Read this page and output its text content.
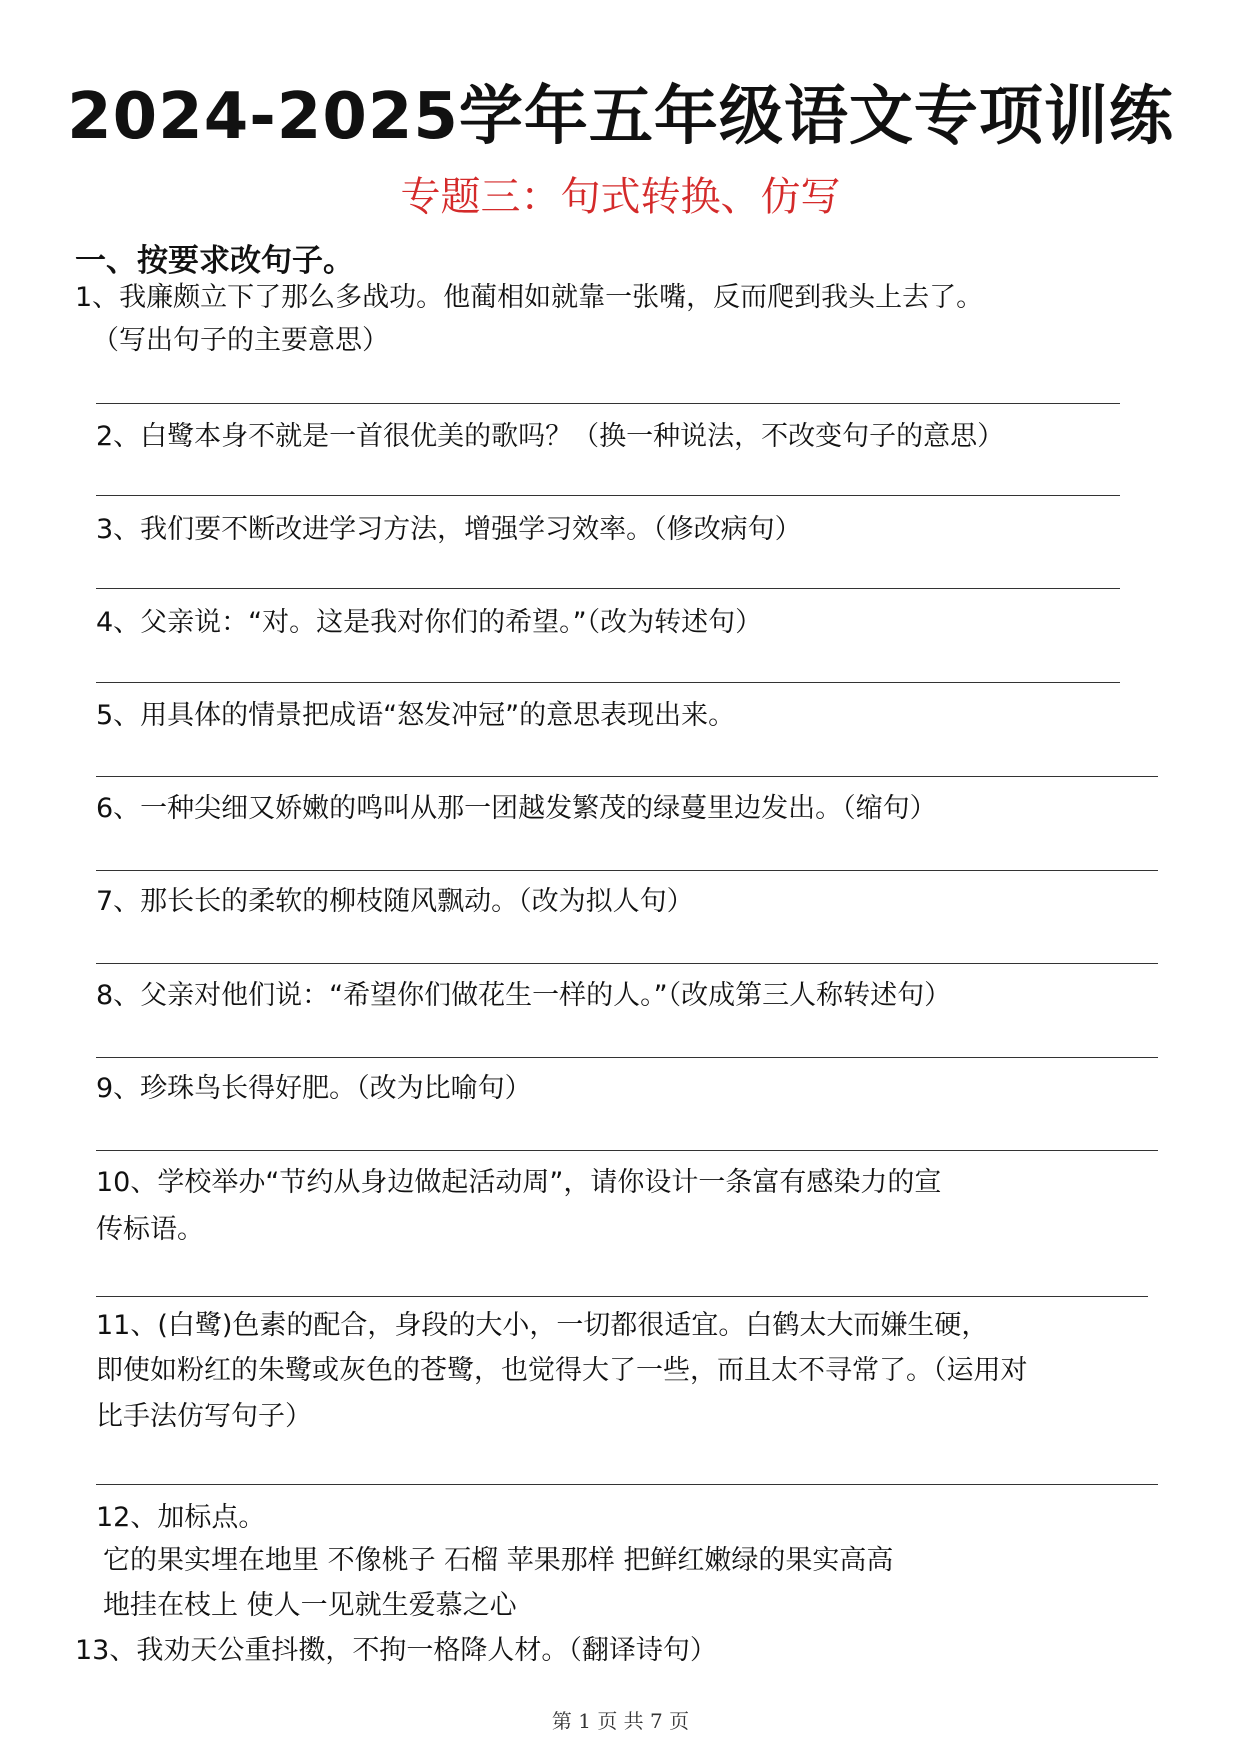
2024-2025学年五年级语文专项训练
专题三：句式转换、仿写
一、按要求改句子。
1、我廉颇立下了那么多战功。他蔺相如就靠一张嘴，反而爬到我头上去了。
（写出句子的主要意思）
2、白鹭本身不就是一首很优美的歌吗？（换一种说法，不改变句子的意思）
3、我们要不断改进学习方法，增强学习效率。（修改病句）
4、父亲说：“对。这是我对你们的希望。”（改为转述句）
5、用具体的情景把成语“怒发冲冠”的意思表现出来。
6、一种尖细又娇嫩的鸣叫从那一团越发繁茂的绿蔓里边发出。（缩句）
7、那长长的柔软的柳枝随风飘动。（改为拟人句）
8、父亲对他们说：“希望你们做花生一样的人。”（改成第三人称转述句）
9、珍珠鸟长得好肥。（改为比喻句）
10、学校举办“节约从身边做起活动周”，请你设计一条富有感染力的宣
传标语。
11、(白鹭)色素的配合，身段的大小，一切都很适宜。白鹤太大而嫌生硬，
即使如粉红的朱鹭或灰色的苍鹭，也觉得大了一些，而且太不寻常了。（运用对
比手法仿写句子）
12、加标点。
它的果实埋在地里 不像桃子 石榴 苹果那样 把鲜红嫩绿的果实高高
地挂在枝上 使人一见就生爱慕之心
13、我劝天公重抖擞，不拘一格降人材。（翻译诗句）
第 1 页 共 7 页
